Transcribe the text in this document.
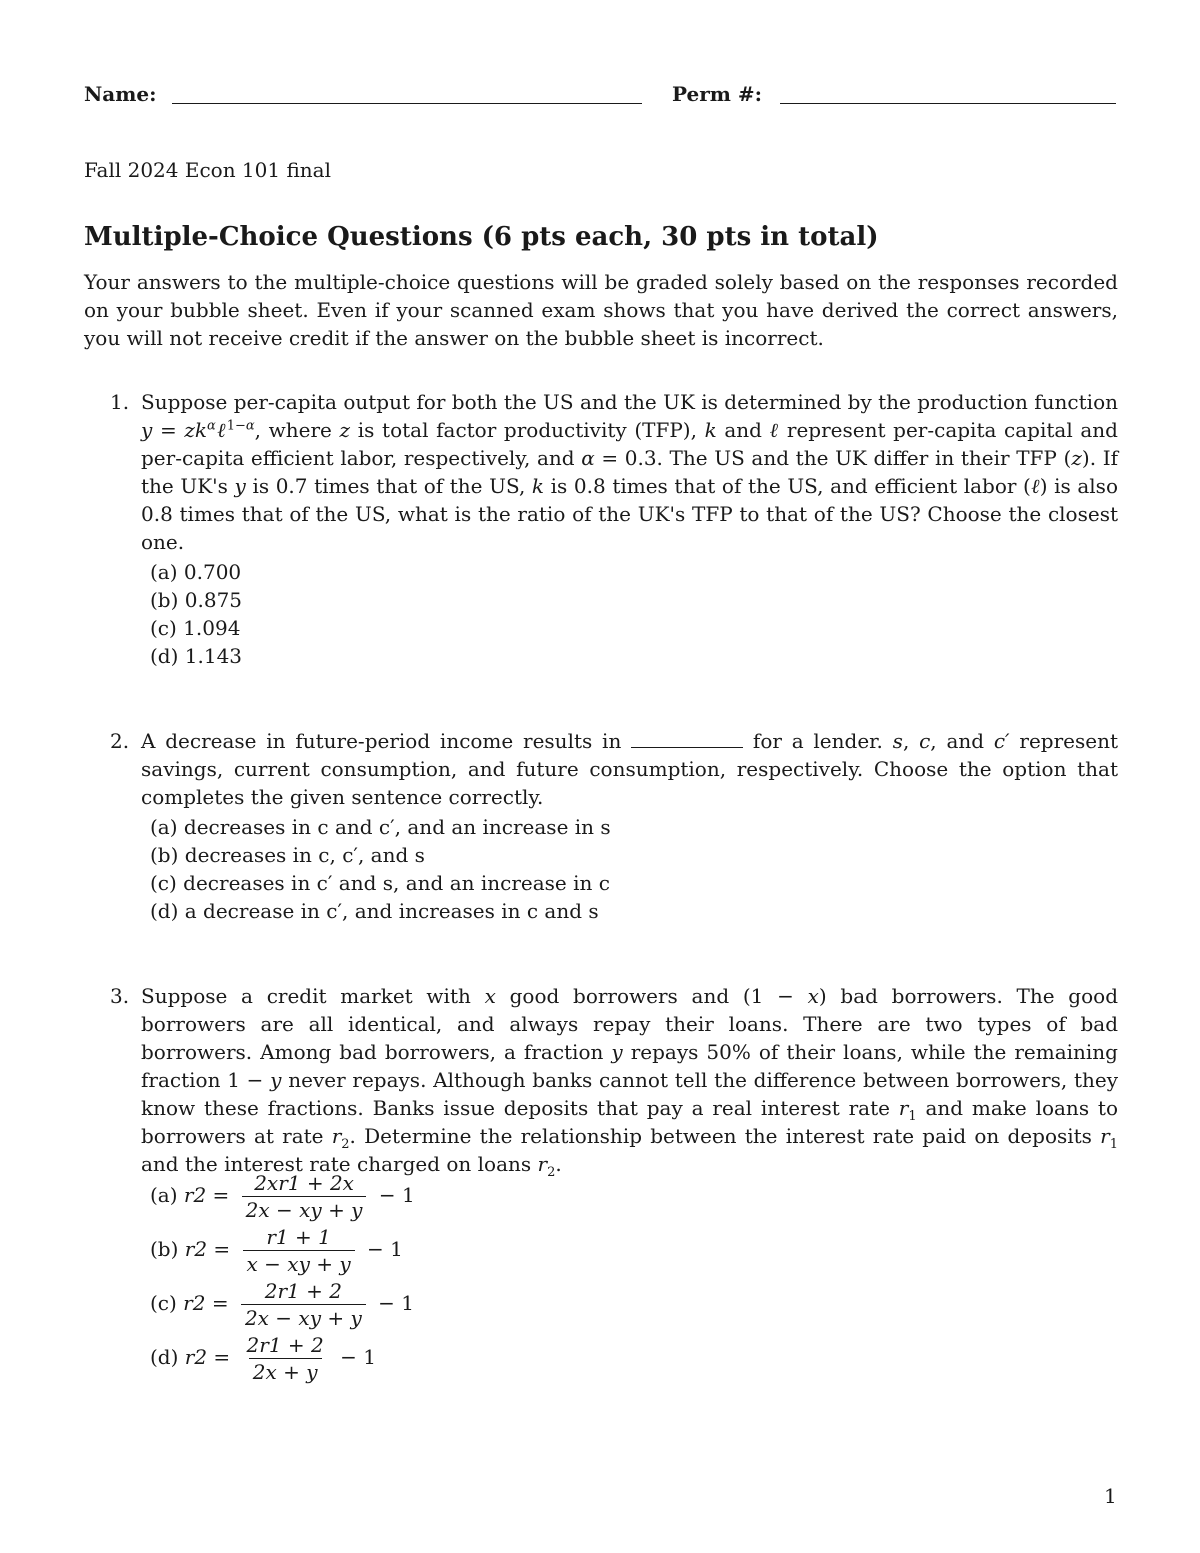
Name:	Perm #:
Fall 2024 Econ 101 final
Multiple-Choice Questions (6 pts each, 30 pts in total)
Your answers to the multiple-choice questions will be graded solely based on the responses recorded on your bubble sheet. Even if your scanned exam shows that you have derived the correct answers, you will not receive credit if the answer on the bubble sheet is incorrect.
1. Suppose per-capita output for both the US and the UK is determined by the production function $y = zk^\alpha\ell^{1-\alpha}$, where z is total factor productivity (TFP), k and ℓ represent per-capita capital and per-capita efficient labor, respectively, and α = 0.3. The US and the UK differ in their TFP (z). If the UK's y is 0.7 times that of the US, k is 0.8 times that of the US, and efficient labor (ℓ) is also 0.8 times that of the US, what is the ratio of the UK's TFP to that of the US? Choose the closest one.
(a) 0.700
(b) 0.875
(c) 1.094
(d) 1.143
2. A decrease in future-period income results in	for a lender. s, c, and c′ represent savings, current consumption, and future consumption, respectively. Choose the option that completes the given sentence correctly.
(a) decreases in c and c′, and an increase in s
(b) decreases in c, c′, and s
(c) decreases in c′ and s, and an increase in c
(d) a decrease in c′, and increases in c and s
3. Suppose a credit market with x good borrowers and (1 − x) bad borrowers. The good borrowers are all identical, and always repay their loans. There are two types of bad borrowers. Among bad borrowers, a fraction y repays 50% of their loans, while the remaining fraction 1 − y never repays. Although banks cannot tell the difference between borrowers, they know these fractions. Banks issue deposits that pay a real interest rate $r_1$ and make loans to borrowers at rate $r_2$. Determine the relationship between the interest rate paid on deposits $r_1$ and the interest rate charged on loans $r_2$.
(a) $r2 = \frac{2xr1 + 2x}{2x - xy + y} - 1$
(b) $r2 = \frac{r1 + 1}{x - xy + y} - 1$
(c) $r2 = \frac{2r1 + 2}{2x - xy + y} - 1$
(d) $r2 = \frac{2r1 + 2}{2x + y} - 1$
1
